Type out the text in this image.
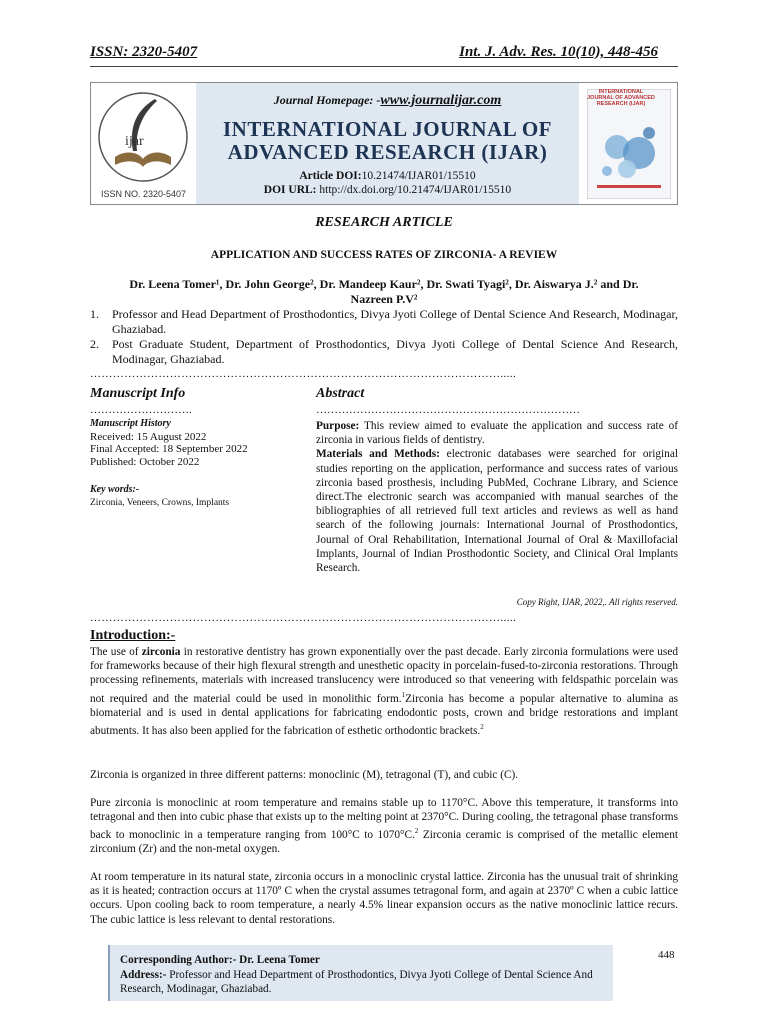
ISSN: 2320-5407	Int. J. Adv. Res. 10(10), 448-456
ijar
ISSN NO. 2320-5407
Journal Homepage: -www.journalijar.com
INTERNATIONAL JOURNAL OF
ADVANCED RESEARCH (IJAR)
Article DOI:10.21474/IJAR01/15510
DOI URL: http://dx.doi.org/10.21474/IJAR01/15510
INTERNATIONAL JOURNAL OF ADVANCED RESEARCH (IJAR)
RESEARCH ARTICLE
APPLICATION AND SUCCESS RATES OF ZIRCONIA- A REVIEW
Dr. Leena Tomer¹, Dr. John George², Dr. Mandeep Kaur², Dr. Swati Tyagi², Dr. Aiswarya J.² and Dr.
Nazreen P.V²
1. Professor and Head Department of Prosthodontics, Divya Jyoti College of Dental Science And Research, Modinagar, Ghaziabad.
2. Post Graduate Student, Department of Prosthodontics, Divya Jyoti College of Dental Science And Research, Modinagar, Ghaziabad.
……………………………………………………………………………………………….....
Manuscript Info	Abstract
……………………….	………………………………………………………………
Manuscript History
Received: 15 August 2022
Final Accepted: 18 September 2022
Published: October 2022
Key words:-
Zirconia, Veneers, Crowns, Implants
Purpose: This review aimed to evaluate the application and success rate of zirconia in various fields of dentistry.
Materials and Methods: electronic databases were searched for original studies reporting on the application, performance and success rates of various zirconia based prosthesis, including PubMed, Cochrane Library, and Science direct.The electronic search was accompanied with manual searches of the bibliographies of all retrieved full text articles and reviews as well as hand search of the following journals: International Journal of Prosthodontics, Journal of Oral Rehabilitation, International Journal of Oral & Maxillofacial Implants, Journal of Indian Prosthodontic Society, and Clinical Oral Implants Research.
Copy Right, IJAR, 2022,. All rights reserved.
……………………………………………………………………………………………….....
Introduction:-
The use of zirconia in restorative dentistry has grown exponentially over the past decade. Early zirconia formulations were used for frameworks because of their high flexural strength and unesthetic opacity in porcelain-fused-to-zirconia restorations. Through processing refinements, materials with increased translucency were introduced so that veneering with feldspathic porcelain was not required and the material could be used in monolithic form.$^1$Zirconia has become a popular alternative to alumina as biomaterial and is used in dental applications for fabricating endodontic posts, crown and bridge restorations and implant abutments. It has also been applied for the fabrication of esthetic orthodontic brackets.$^2$
Zirconia is organized in three different patterns: monoclinic (M), tetragonal (T), and cubic (C).
Pure zirconia is monoclinic at room temperature and remains stable up to 1170°C. Above this temperature, it transforms into tetragonal and then into cubic phase that exists up to the melting point at 2370°C. During cooling, the tetragonal phase transforms back to monoclinic in a temperature ranging from 100°C to 1070°C.$^2$ Zirconia ceramic is comprised of the metallic element zirconium (Zr) and the non-metal oxygen.
At room temperature in its natural state, zirconia occurs in a monoclinic crystal lattice. Zirconia has the unusual trait of shrinking as it is heated; contraction occurs at 1170º C when the crystal assumes tetragonal form, and again at 2370º C when a cubic lattice occurs. Upon cooling back to room temperature, a nearly 4.5% linear expansion occurs as the native monoclinic lattice recurs. The cubic lattice is less relevant to dental restorations.
448
Corresponding Author:- Dr. Leena Tomer
Address:- Professor and Head Department of Prosthodontics, Divya Jyoti College of Dental Science And Research, Modinagar, Ghaziabad.
